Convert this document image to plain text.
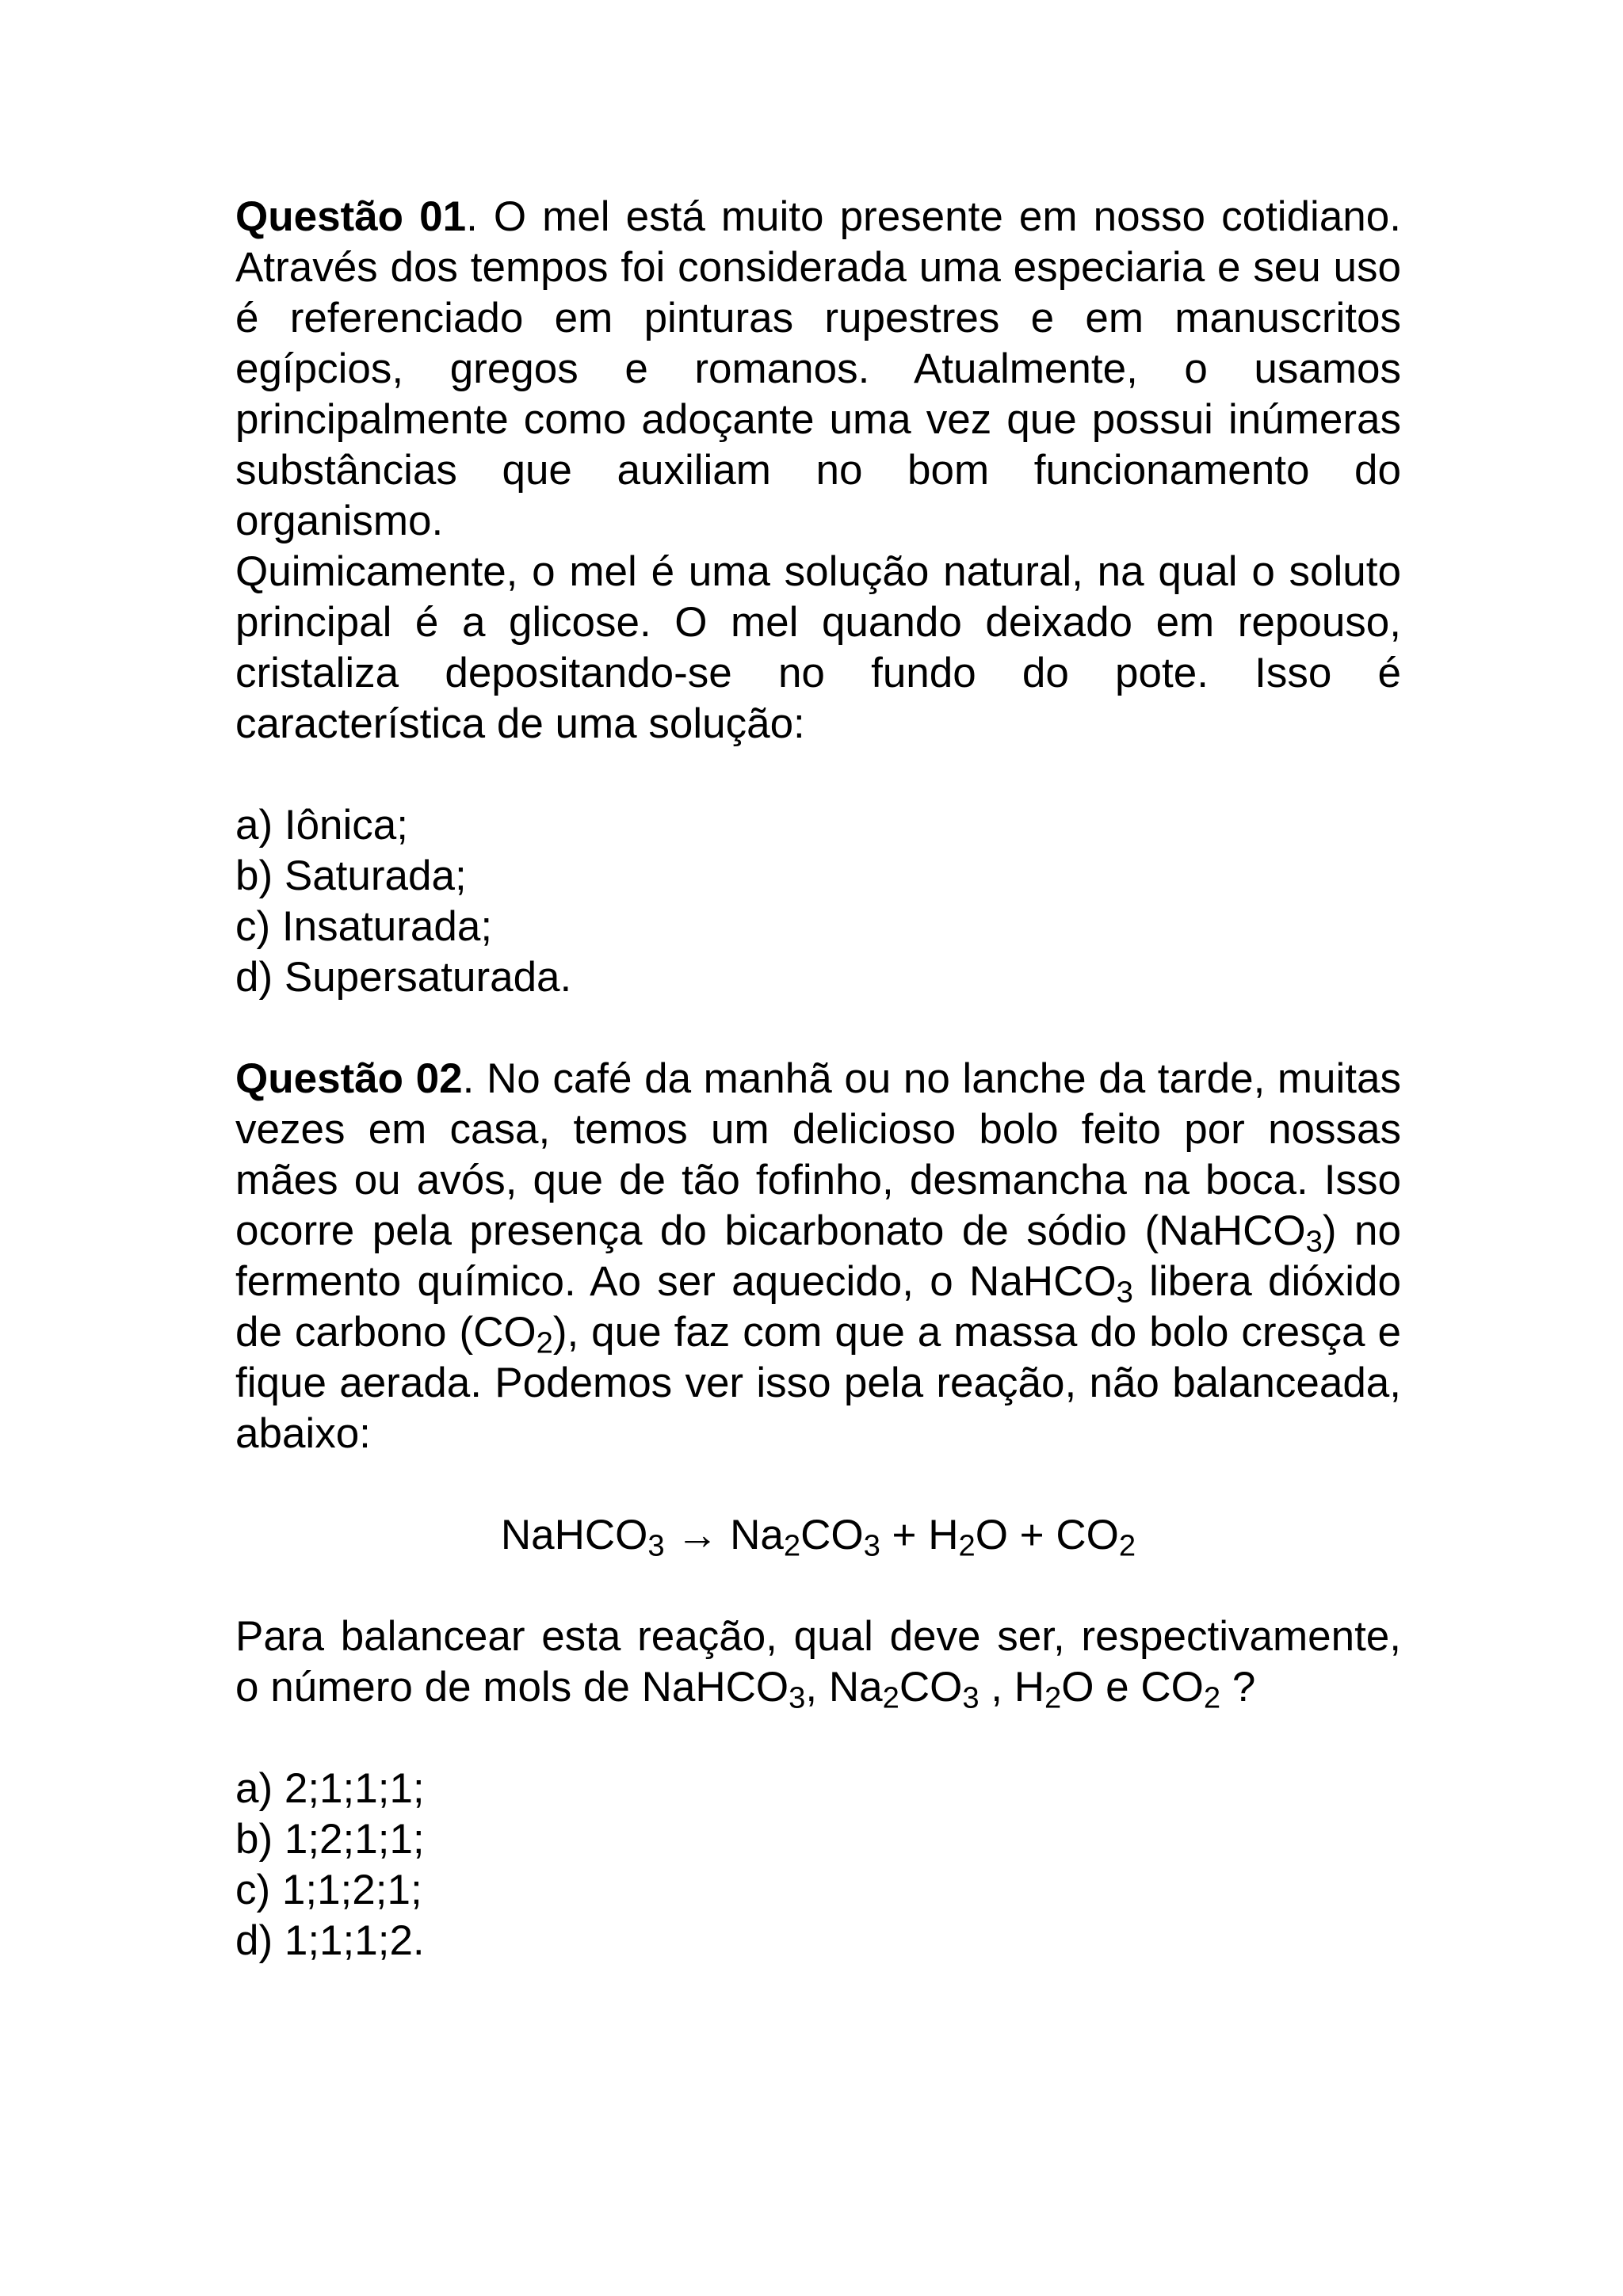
Questão 01. O mel está muito presente em nosso cotidiano. Através dos tempos foi considerada uma especiaria e seu uso é referenciado em pinturas rupestres e em manuscritos egípcios, gregos e romanos. Atualmente, o usamos principalmente como adoçante uma vez que possui inúmeras substâncias que auxiliam no bom funcionamento do organismo.

Quimicamente, o mel é uma solução natural, na qual o soluto principal é a glicose. O mel quando deixado em repouso, cristaliza depositando-se no fundo do pote. Isso é característica de uma solução:

a) Iônica;

b) Saturada;

c) Insaturada;

d) Supersaturada.

Questão 02. No café da manhã ou no lanche da tarde, muitas vezes em casa, temos um delicioso bolo feito por nossas mães ou avós, que de tão fofinho, desmancha na boca. Isso ocorre pela presença do bicarbonato de sódio (NaHCO$_3$) no fermento químico. Ao ser aquecido, o NaHCO$_3$ libera dióxido de carbono $(CO_2)$, que faz com que a massa do bolo cresça e fique aerada. Podemos ver isso pela reação, não balanceada, abaixo:

NaHCO$_3$ → $Na_2CO_3 + H_2O + CO_2$

Para balancear esta reação, qual deve ser, respectivamente, o número de mols de NaHCO$_3$, $Na_2CO_3$ , $H_2O$ e $CO_2$ ?

a) 2;1;1;1;

b) 1;2;1;1;

c) 1;1;2;1;

d) 1;1;1;2.
